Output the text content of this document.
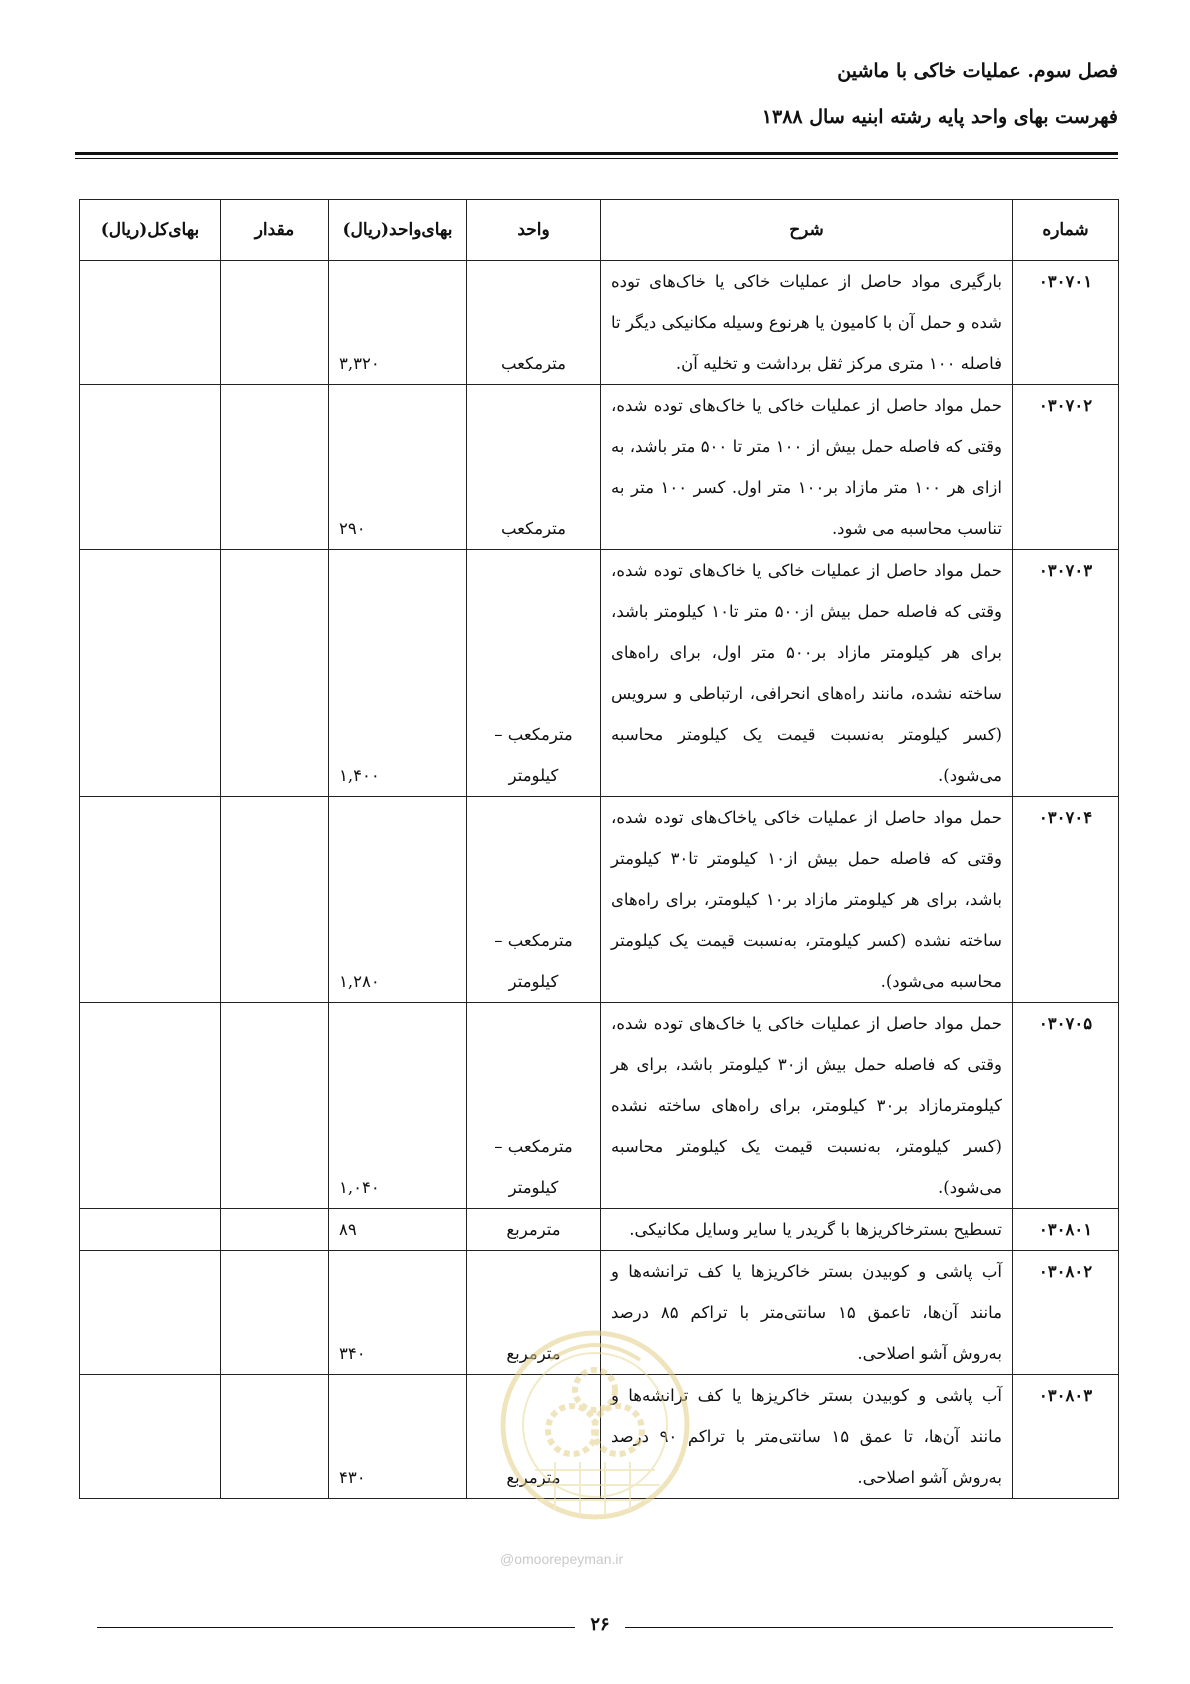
فصل سوم. عملیات خاکی با ماشین
فهرست بهای واحد پایه رشته ابنیه سال ۱۳۸۸
شماره	شرح	واحد	بهای‌واحد(ریال)	مقدار	بهای‌کل(ریال)
۰۳۰۷۰۱	بارگیری مواد حاصل از عملیات خاکی یا خاک‌های توده شده و حمل آن با کامیون یا هرنوع وسیله مکانیکی دیگر تا فاصله ۱۰۰ متری مرکز ثقل برداشت و تخلیه آن.	مترمکعب	۳,۳۲۰		
۰۳۰۷۰۲	حمل مواد حاصل از عملیات خاکی یا خاک‌های توده شده، وقتی که فاصله حمل بیش از ۱۰۰ متر تا ۵۰۰ متر باشد، به ازای هر ۱۰۰ متر مازاد بر۱۰۰ متر اول. کسر ۱۰۰ متر به تناسب محاسبه می شود.	مترمکعب	۲۹۰		
۰۳۰۷۰۳	حمل مواد حاصل از عملیات خاکی یا خاک‌های توده شده، وقتی که فاصله حمل بیش از۵۰۰ متر تا۱۰ کیلومتر باشد، برای هر کیلومتر مازاد بر۵۰۰ متر اول، برای راه‌های ساخته نشده، مانند راه‌های انحرافی، ارتباطی و سرویس (کسر کیلومتر به‌نسبت قیمت یک کیلومتر محاسبه می‌شود).	مترمکعب – کیلومتر	۱,۴۰۰		
۰۳۰۷۰۴	حمل مواد حاصل از عملیات خاکی یاخاک‌های توده شده، وقتی که فاصله حمل بیش از۱۰ کیلومتر تا۳۰ کیلومتر باشد، برای هر کیلومتر مازاد بر۱۰ کیلومتر، برای راه‌های ساخته نشده (کسر کیلومتر، به‌نسبت قیمت یک کیلومتر محاسبه می‌شود).	مترمکعب – کیلومتر	۱,۲۸۰		
۰۳۰۷۰۵	حمل مواد حاصل از عملیات خاکی یا خاک‌های توده شده، وقتی که فاصله حمل بیش از۳۰ کیلومتر باشد، برای هر کیلومترمازاد بر۳۰ کیلومتر، برای راه‌های ساخته نشده (کسر کیلومتر، به‌نسبت قیمت یک کیلومتر محاسبه می‌شود).	مترمکعب – کیلومتر	۱,۰۴۰		
۰۳۰۸۰۱	تسطیح بسترخاکریزها با گریدر یا سایر وسایل مکانیکی.	مترمربع	۸۹		
۰۳۰۸۰۲	آب پاشی و کوبیدن بستر خاکریزها یا کف ترانشه‌ها و مانند آن‌ها، تاعمق ۱۵ سانتی‌متر با تراکم ۸۵ درصد به‌روش آشو اصلاحی.	مترمربع	۳۴۰		
۰۳۰۸۰۳	آب پاشی و کوبیدن بستر خاکریزها یا کف ترانشه‌ها و مانند آن‌ها، تا عمق ۱۵ سانتی‌متر با تراکم ۹۰ درصد به‌روش آشو اصلاحی.	مترمربع	۴۳۰		
@omoorepeyman.ir
۲۶
